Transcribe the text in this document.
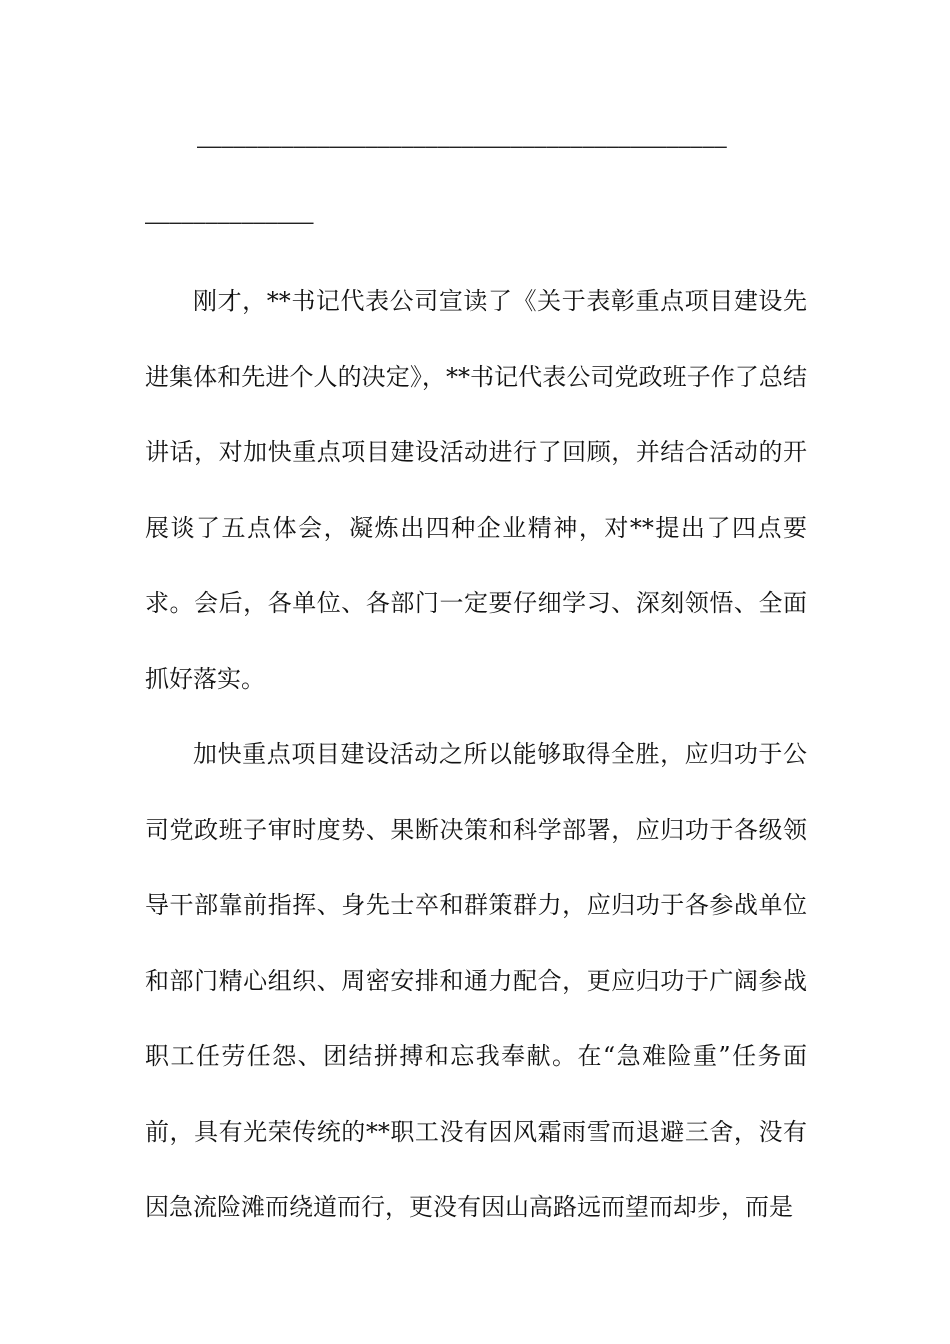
————————————————————————————————————————————
——————————————

刚才，**书记代表公司宣读了《关于表彰重点项目建设先进集体和先进个人的决定》，**书记代表公司党政班子作了总结讲话，对加快重点项目建设活动进行了回顾，并结合活动的开展谈了五点体会，凝炼出四种企业精神，对**提出了四点要求。会后，各单位、各部门一定要仔细学习、深刻领悟、全面抓好落实。

加快重点项目建设活动之所以能够取得全胜，应归功于公司党政班子审时度势、果断决策和科学部署，应归功于各级领导干部靠前指挥、身先士卒和群策群力，应归功于各参战单位和部门精心组织、周密安排和通力配合，更应归功于广阔参战职工任劳任怨、团结拼搏和忘我奉献。在“急难险重”任务面前，具有光荣传统的**职工没有因风霜雨雪而退避三舍，没有因急流险滩而绕道而行，更没有因山高路远而望而却步，而是
